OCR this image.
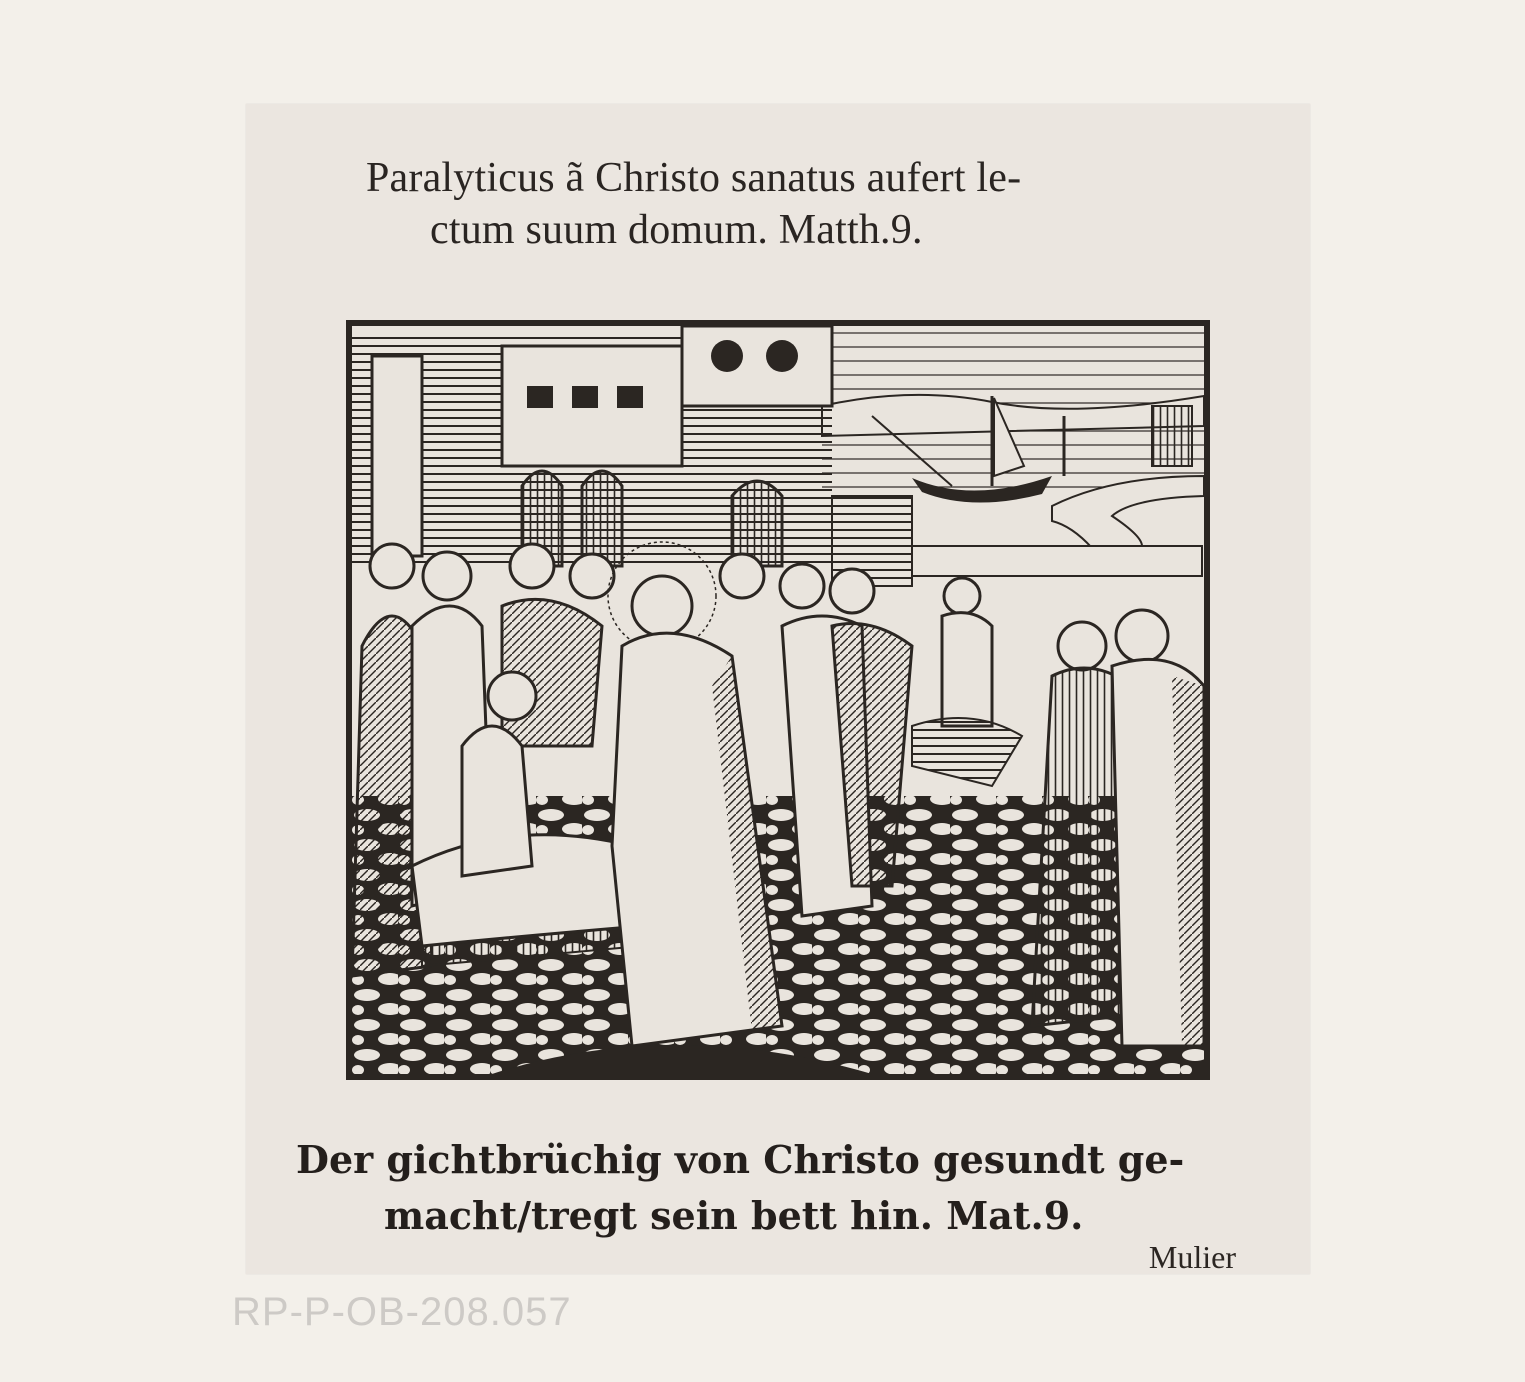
Paralyticus ã Christo sanatus aufert le-
ctum suum domum. Matth.9.
Der gichtbrüchig von Christo gesundt ge-
macht/tregt sein bett hin. Mat.9.
Mulier
RP-P-OB-208.057
